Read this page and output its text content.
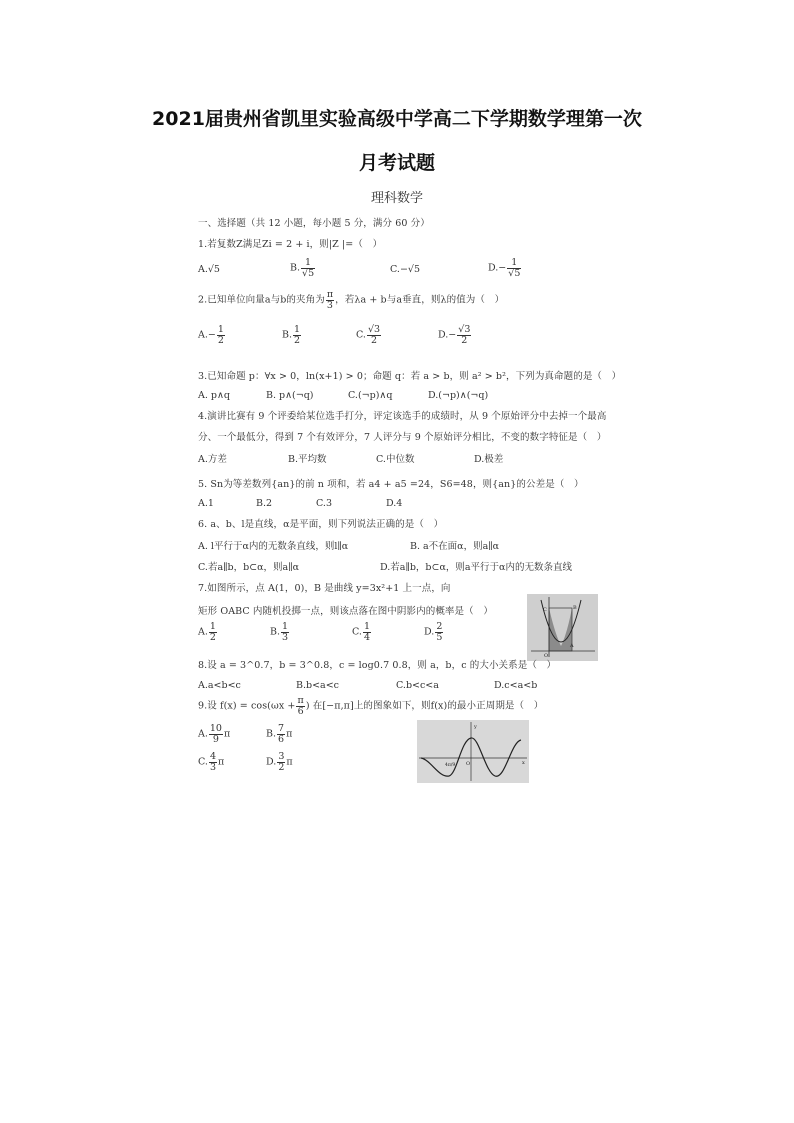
2021届贵州省凯里实验高级中学高二下学期数学理第一次
月考试题
理科数学
一、选择题（共 12 小题，每小题 5 分，满分 60 分）
1.若复数Z满足Zi = 2 + i，则|Z |=（　）
A.√5	B. $\frac{1}{√5}$	C.−√5	$D.- \frac{1}{√5}$
2.已知单位向量a与b的夹角为 $\frac{\pi}{3}$ ，若λa + b与a垂直，则λ的值为（　）
$A.- \frac{1}{2}$	B. $\frac{1}{2}$	C. $\frac{√3}{2}$	$D.- \frac{√3}{2}$
3.已知命题 p：∀x > 0，ln(x+1) > 0；命题 q：若 a > b，则 a² > b²，下列为真命题的是（　）
A. p∧q	B. p∧(¬q)	C.(¬p)∧q	D.(¬p)∧(¬q)
4.演讲比赛有 9 个评委给某位选手打分，评定该选手的成绩时，从 9 个原始评分中去掉一个最高
分、一个最低分，得到 7 个有效评分，7 人评分与 9 个原始评分相比，不变的数字特征是（　）
A.方差	B.平均数	C.中位数	D.极差
5. Sn为等差数列{an}的前 n 项和，若 a4 + a5 =24，S6=48，则{an}的公差是（　）
A.1	B.2	C.3	D.4
6. a、b、l是直线，α是平面，则下列说法正确的是（　）
A. l平行于α内的无数条直线，则l∥α	B. a不在面α，则a∥α
C.若a∥b，b⊂α，则a∥α	D.若a∥b，b⊂α，则a平行于α内的无数条直线
7.如图所示，点 A(1，0)，B 是曲线 y=3x²+1 上一点，向
矩形 OABC 内随机投掷一点，则该点落在图中阴影内的概率是（　）
A. $\frac{1}{2}$	B. $\frac{1}{3}$	C. $\frac{1}{4}$	D. $\frac{2}{5}$
C	B
O
A
8.设 a = 3^0.7，b = 3^0.8，c = log0.7 0.8，则 a，b，c 的大小关系是（　）
A.a<b<c	B.b<a<c	C.b<c<a	D.c<a<b
9.设 $f(x) = \cos(\omega x + \frac{\pi}{6}$ ) 在[−π,π]上的图象如下，则f(x)的最小正周期是（　）
A. $\frac{10}{9}$ π	B. $\frac{7}{6}$ π
C. $\frac{4}{3}$ π	D. $\frac{3}{2}$ π
y
x
O
4π/9
